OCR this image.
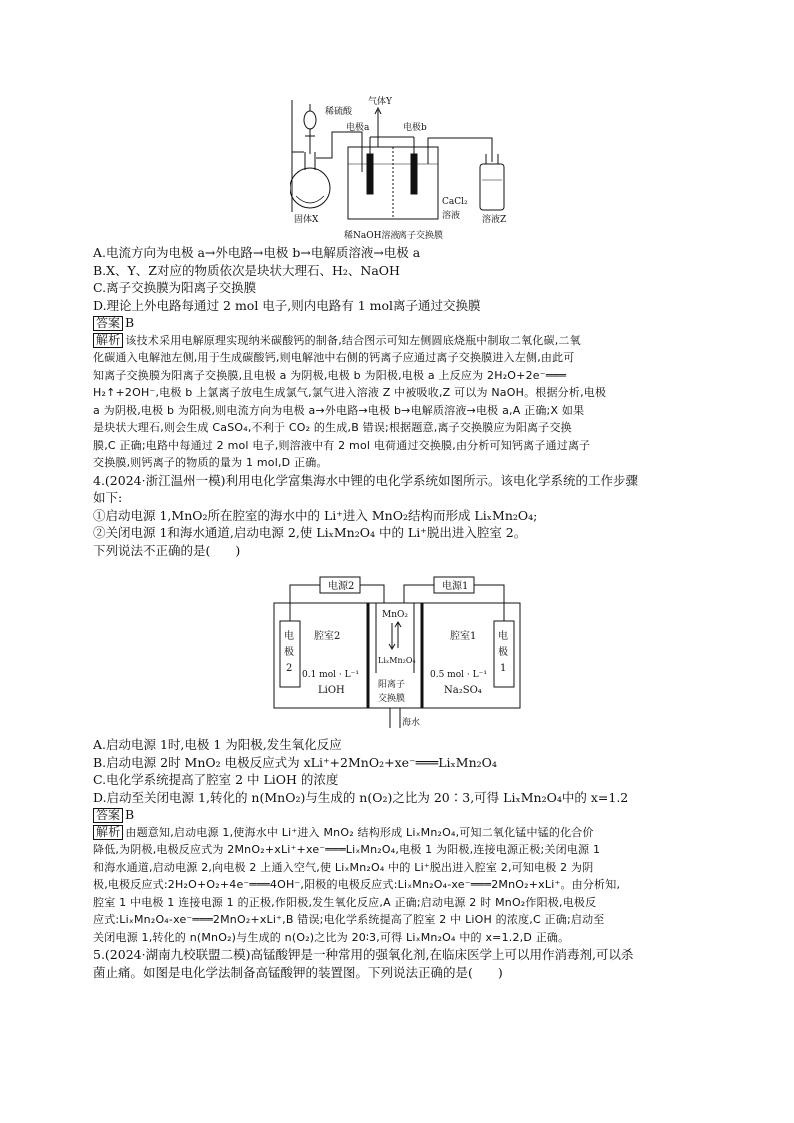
稀硫酸
气体Y
电极a	电极b
固体X
CaCl₂
溶液 溶液Z
稀NaOH溶液
离子交换膜

A.电流方向为电极 a→外电路→电极 b→电解质溶液→电极 a

B.X、Y、Z对应的物质依次是块状大理石、H₂、NaOH

C.离子交换膜为阳离子交换膜

D.理论上外电路每通过 2 mol 电子,则内电路有 1 mol离子通过交换膜

答案 B

解析 该技术采用电解原理实现纳米碳酸钙的制备,结合图示可知左侧圆底烧瓶中制取二氧化碳,二氧

化碳通入电解池左侧,用于生成碳酸钙,则电解池中右侧的钙离子应通过离子交换膜进入左侧,由此可

知离子交换膜为阳离子交换膜,且电极 a 为阴极,电极 b 为阳极,电极 a 上反应为 2H₂O+2e⁻═══

H₂↑+2OH⁻,电极 b 上氯离子放电生成氯气,氯气进入溶液 Z 中被吸收,Z 可以为 NaOH。根据分析,电极

a 为阴极,电极 b 为阳极,则电流方向为电极 a→外电路→电极 b→电解质溶液→电极 a,A 正确;X 如果

是块状大理石,则会生成 CaSO₄,不利于 CO₂ 的生成,B 错误;根据题意,离子交换膜应为阳离子交换

膜,C 正确;电路中每通过 2 mol 电子,则溶液中有 2 mol 电荷通过交换膜,由分析可知钙离子通过离子

交换膜,则钙离子的物质的量为 1 mol,D 正确。

4.(2024·浙江温州一模)利用电化学富集海水中锂的电化学系统如图所示。该电化学系统的工作步骤

如下:

①启动电源 1,MnO₂所在腔室的海水中的 Li⁺进入 MnO₂结构而形成 LiₓMn₂O₄;

②关闭电源 1和海水通道,启动电源 2,使 LiₓMn₂O₄ 中的 Li⁺脱出进入腔室 2。

下列说法不正确的是(　　)

电源2	电源1
电
极
2
电
极
1
腔室2	腔室1
MnO₂
LiₓMn₂O₄
0.1 mol · L⁻¹
LiOH
0.5 mol · L⁻¹
Na₂SO₄
阳离子
交换膜
海水

A.启动电源 1时,电极 1 为阳极,发生氧化反应

B.启动电源 2时 MnO₂ 电极反应式为 xLi⁺+2MnO₂+xe⁻═══LiₓMn₂O₄

C.电化学系统提高了腔室 2 中 LiOH 的浓度

D.启动至关闭电源 1,转化的 n(MnO₂)与生成的 n(O₂)之比为 20∶3,可得 LiₓMn₂O₄中的 x=1.2

答案 B

解析 由题意知,启动电源 1,使海水中 Li⁺进入 MnO₂ 结构形成 LiₓMn₂O₄,可知二氧化锰中锰的化合价

降低,为阴极,电极反应式为 2MnO₂+xLi⁺+xe⁻═══LiₓMn₂O₄,电极 1 为阳极,连接电源正极;关闭电源 1

和海水通道,启动电源 2,向电极 2 上通入空气,使 LiₓMn₂O₄ 中的 Li⁺脱出进入腔室 2,可知电极 2 为阴

极,电极反应式:2H₂O+O₂+4e⁻═══4OH⁻,阳极的电极反应式:LiₓMn₂O₄-xe⁻═══2MnO₂+xLi⁺。由分析知,

腔室 1 中电极 1 连接电源 1 的正极,作阳极,发生氧化反应,A 正确;启动电源 2 时 MnO₂作阳极,电极反

应式:LiₓMn₂O₄-xe⁻═══2MnO₂+xLi⁺,B 错误;电化学系统提高了腔室 2 中 LiOH 的浓度,C 正确;启动至

关闭电源 1,转化的 n(MnO₂)与生成的 n(O₂)之比为 20∶3,可得 LiₓMn₂O₄ 中的 x=1.2,D 正确。

5.(2024·湖南九校联盟二模)高锰酸钾是一种常用的强氧化剂,在临床医学上可以用作消毒剂,可以杀

菌止痛。如图是电化学法制备高锰酸钾的装置图。下列说法正确的是(　　)
